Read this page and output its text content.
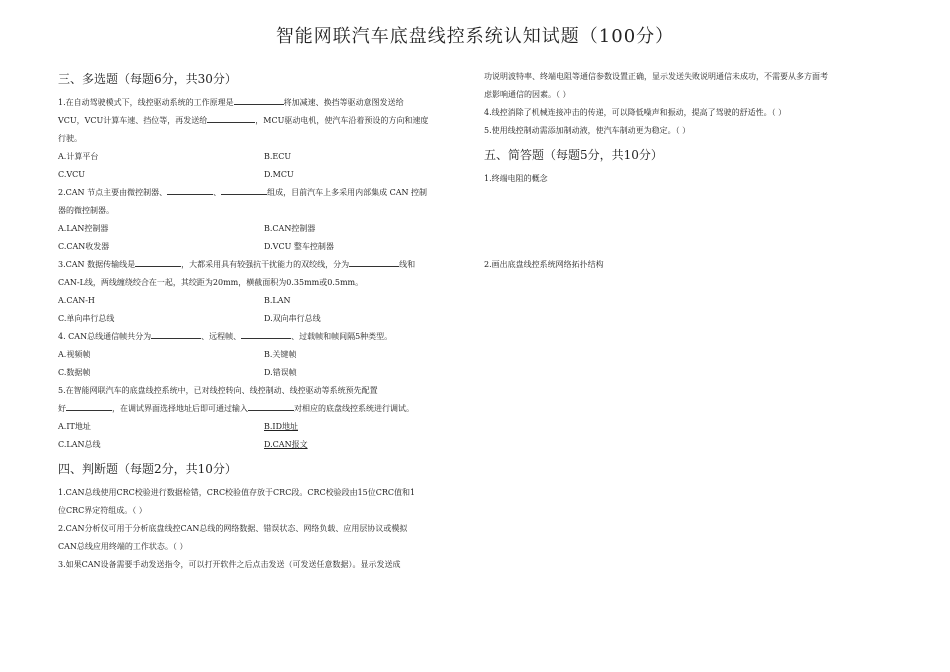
智能网联汽车底盘线控系统认知试题（100分）
三、多选题（每题6分，共30分）

1.在自动驾驶模式下，线控驱动系统的工作原理是	将加减速、换挡等驱动意图发送给

VCU，VCU计算车速、挡位等，再发送给	，MCU驱动电机，使汽车沿着预设的方向和速度

行驶。

A.计算平台	B.ECU
C.VCU	D.MCU

2.CAN 节点主要由微控制器、	、	组成，目前汽车上多采用内部集成 CAN 控制

器的微控制器。

A.LAN控制器	B.CAN控制器
C.CAN收发器	D.VCU 整车控制器

3.CAN 数据传输线是	，大都采用具有较强抗干扰能力的双绞线，分为	线和

CAN-L线，两线缠绕绞合在一起，其绞距为20mm，横截面积为0.35mm或0.5mm。

A.CAN-H	B.LAN
C.单向串行总线	D.双向串行总线

4. CAN总线通信帧共分为	、远程帧、	、过载帧和帧间隔5种类型。

A.视频帧	B.关键帧
C.数据帧	D.错误帧

5.在智能网联汽车的底盘线控系统中，已对线控转向、线控制动、线控驱动等系统预先配置

好	，在调试界面选择地址后即可通过输入	对相应的底盘线控系统进行调试。

A.IT地址	B.ID地址
C.LAN总线	D.CAN报文
四、判断题（每题2分，共10分）

1.CAN总线使用CRC校验进行数据检错，CRC校验值存放于CRC段。CRC校验段由15位CRC值和1

位CRC界定符组成。（ ）

2.CAN分析仪可用于分析底盘线控CAN总线的网络数据、错误状态、网络负载、应用层协议或模拟

CAN总线应用终端的工作状态。（ ）

3.如果CAN设备需要手动发送指令，可以打开软件之后点击发送（可发送任意数据）。显示发送成

功说明波特率、终端电阻等通信参数设置正确，显示发送失败说明通信未成功，不需要从多方面考

虑影响通信的因素。（ ）

4.线控消除了机械连接冲击的传递，可以降低噪声和振动，提高了驾驶的舒适性。（ ）

5.使用线控制动需添加制动液，使汽车制动更为稳定。（ ）

五、简答题（每题5分，共10分）

1.终端电阻的概念

2.画出底盘线控系统网络拓扑结构
